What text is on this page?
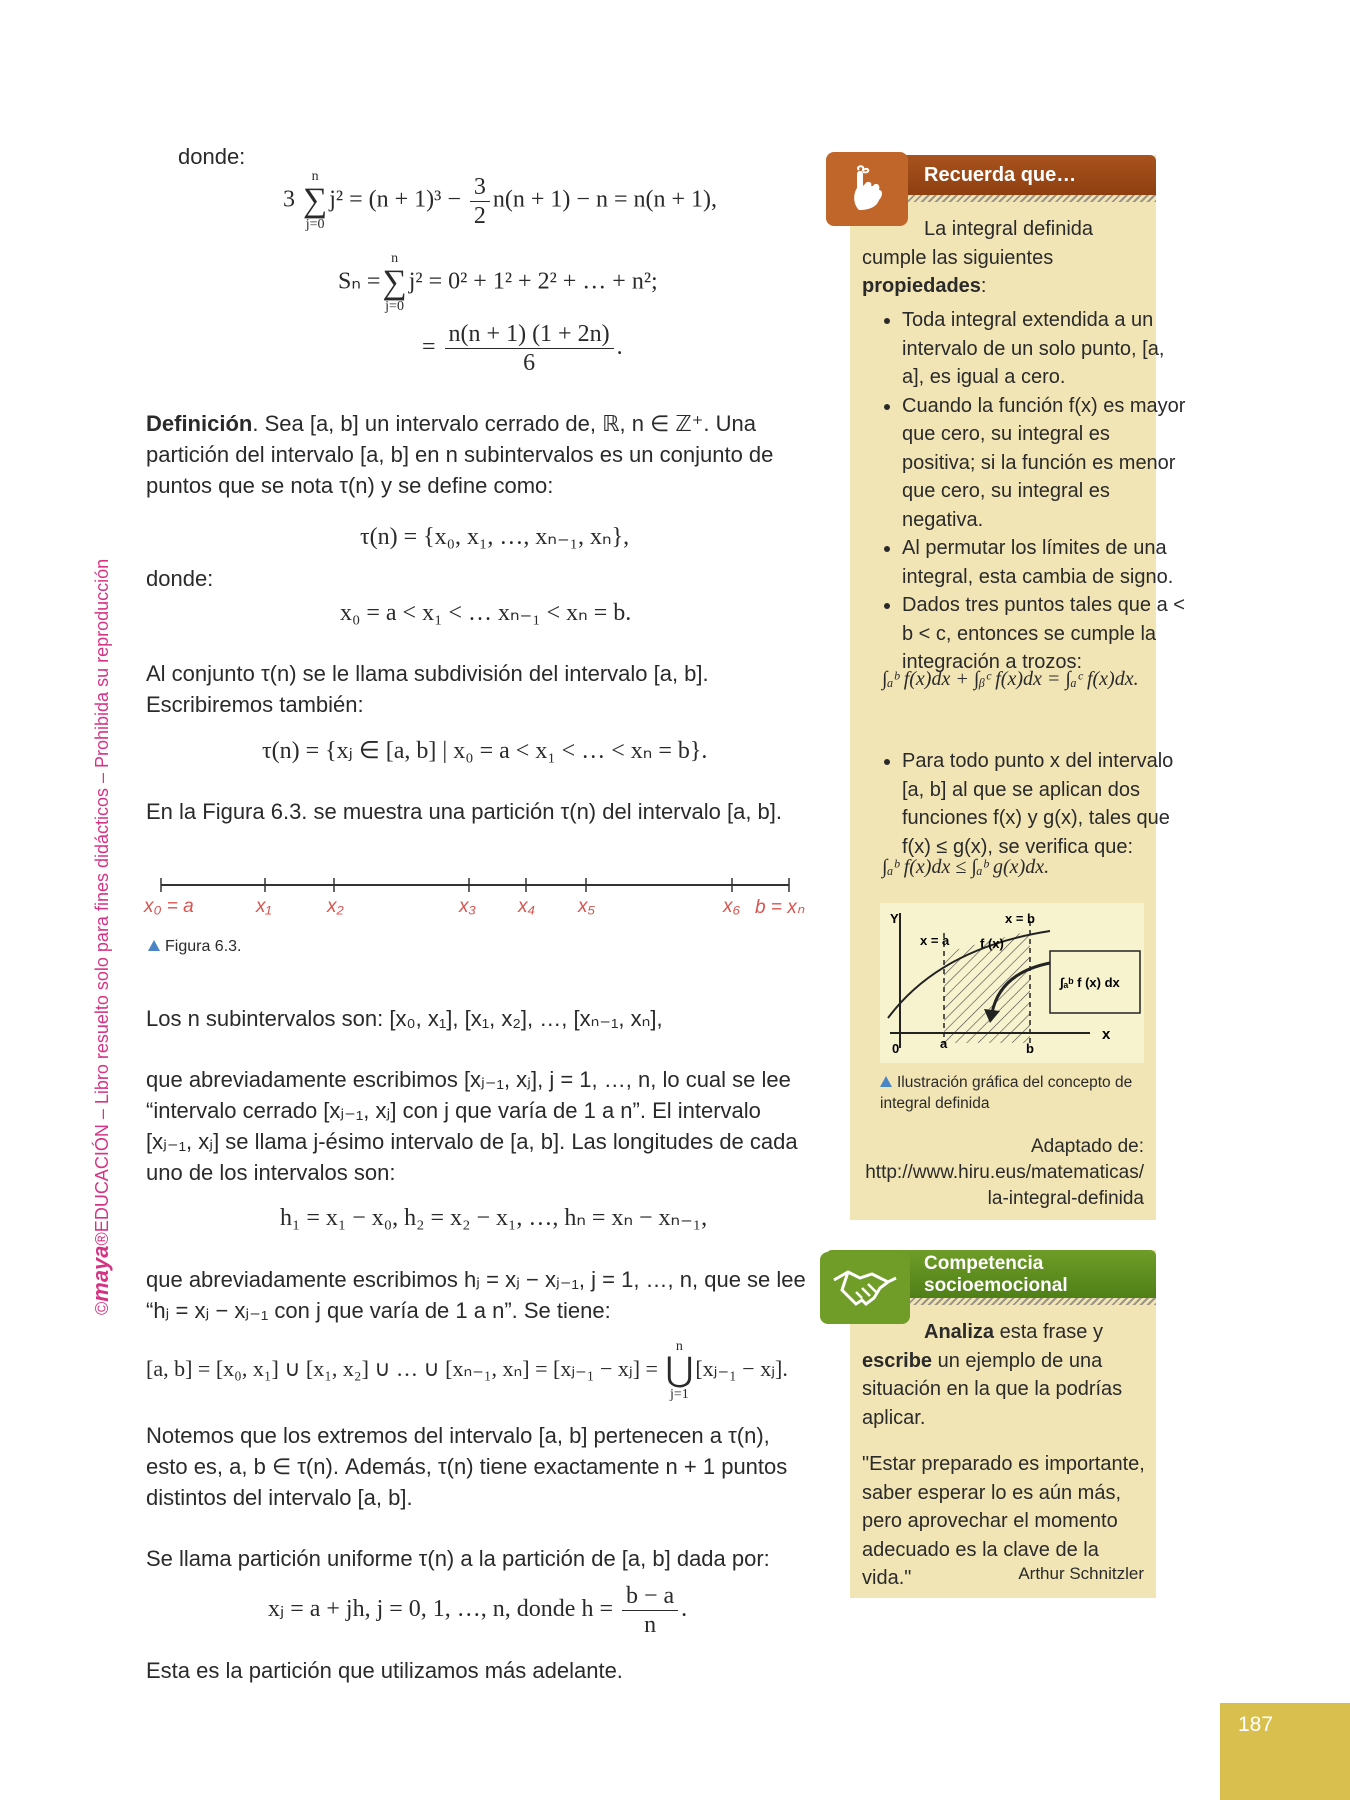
©maya®EDUCACIÓN – Libro resuelto solo para fines didácticos – Prohibida su reproducción
donde:
3
n
∑
j=0
$j^2 = (n + 1)^3 - \frac{3}{2} n(n + 1) - n = n(n + 1)$,
Sₙ =
n
∑
j=0
j² = 0² + 1² + 2² + … + n²;
= $\frac{n(n + 1) (1 + 2n)}{6}$ .
Definición. Sea [a, b] un intervalo cerrado de, ℝ, n ∈ ℤ⁺. Una partición del intervalo [a, b] en n subintervalos es un conjunto de puntos que se nota τ(n) y se define como:
τ(n) = {x₀, x₁, …, xₙ₋₁, xₙ},
donde:
x₀ = a < x₁ < … xₙ₋₁ < xₙ = b.
Al conjunto τ(n) se le llama subdivisión del intervalo [a, b]. Escribiremos también:
τ(n) = {xⱼ ∈ [a, b] | x₀ = a < x₁ < … < xₙ = b}.
En la Figura 6.3. se muestra una partición τ(n) del intervalo [a, b].
x₀ = a	x₁	x₂	x₃ x₄ x₅	x₆ b = xₙ
Figura 6.3.
Los n subintervalos son: [x₀, x₁], [x₁, x₂], …, [xₙ₋₁, xₙ],
que abreviadamente escribimos [xⱼ₋₁, xⱼ], j = 1, …, n, lo cual se lee “intervalo cerrado [xⱼ₋₁, xⱼ] con j que varía de 1 a n”. El intervalo [xⱼ₋₁, xⱼ] se llama j-ésimo intervalo de [a, b]. Las longitudes de cada uno de los intervalos son:
h₁ = x₁ − x₀, h₂ = x₂ − x₁, …, hₙ = xₙ − xₙ₋₁,
que abreviadamente escribimos hⱼ = xⱼ − xⱼ₋₁, j = 1, …, n, que se lee “hⱼ = xⱼ − xⱼ₋₁ con j que varía de 1 a n”. Se tiene:
[a, b] = [x₀, x₁] ∪ [x₁, x₂] ∪ … ∪ [xₙ₋₁, xₙ] = [xⱼ₋₁ − xⱼ] =
n
⋃
j=1
[xⱼ₋₁ − xⱼ].
Notemos que los extremos del intervalo [a, b] pertenecen a τ(n), esto es, a, b ∈ τ(n). Además, τ(n) tiene exactamente n + 1 puntos distintos del intervalo [a, b].
Se llama partición uniforme τ(n) a la partición de [a, b] dada por:
xⱼ = a + jh, j = 0, 1, …, n, donde $h = \frac{b - a}{n}$ .
Esta es la partición que utilizamos más adelante.
Recuerda que…
La integral definida cumple las siguientes propiedades:
• Toda integral extendida a un intervalo de un solo punto, [a, a], es igual a cero.
• Cuando la función f(x) es mayor que cero, su integral es positiva; si la función es menor que cero, su integral es negativa.
• Al permutar los límites de una integral, esta cambia de signo.
• Dados tres puntos tales que a < b < c, entonces se cumple la integración a trozos:
∫ₐᵇ f(x)dx + ∫ᵦᶜ f(x)dx = ∫ₐᶜ f(x)dx.
• Para todo punto x del intervalo [a, b] al que se aplican dos funciones f(x) y g(x), tales que f(x) ≤ g(x), se verifica que:
∫ₐᵇ f(x)dx ≤ ∫ₐᵇ g(x)dx.
Y
x = a
x = b
f (x)
∫ₐᵇ f (x) dx
x
0	a	b
Ilustración gráfica del concepto de integral definida
Adaptado de:
http://www.hiru.eus/matematicas/la-integral-definida
Competencia socioemocional
Analiza esta frase y escribe un ejemplo de una situación en la que la podrías aplicar.
"Estar preparado es importante, saber esperar lo es aún más, pero aprovechar el momento adecuado es la clave de la vida."	Arthur Schnitzler
187
